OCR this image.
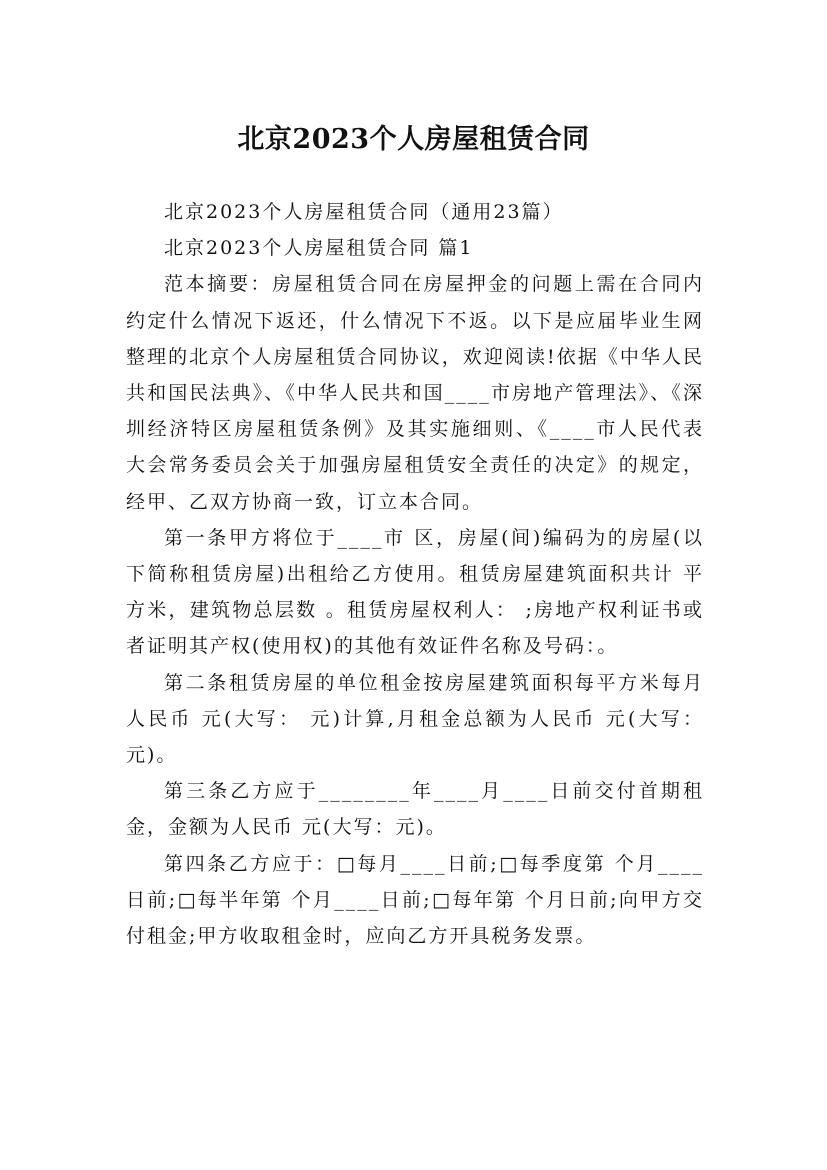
北京2023个人房屋租赁合同

北京2023个人房屋租赁合同（通用23篇）

北京2023个人房屋租赁合同 篇1

范本摘要：房屋租赁合同在房屋押金的问题上需在合同内约定什么情况下返还，什么情况下不返。以下是应届毕业生网整理的北京个人房屋租赁合同协议，欢迎阅读!依据《中华人民共和国民法典》、《中华人民共和国____市房地产管理法》、《深圳经济特区房屋租赁条例》及其实施细则、《____市人民代表大会常务委员会关于加强房屋租赁安全责任的决定》的规定，经甲、乙双方协商一致，订立本合同。

第一条甲方将位于____市 区，房屋(间)编码为的房屋(以下简称租赁房屋)出租给乙方使用。租赁房屋建筑面积共计 平方米，建筑物总层数 。租赁房屋权利人： ;房地产权利证书或者证明其产权(使用权)的其他有效证件名称及号码：。

第二条租赁房屋的单位租金按房屋建筑面积每平方米每月人民币 元(大写： 元)计算,月租金总额为人民币 元(大写： 元)。

第三条乙方应于________年____月____日前交付首期租金，金额为人民币 元(大写：元)。

第四条乙方应于：□每月____日前;□每季度第 个月____日前;□每半年第 个月____日前;□每年第 个月日前;向甲方交付租金;甲方收取租金时，应向乙方开具税务发票。
